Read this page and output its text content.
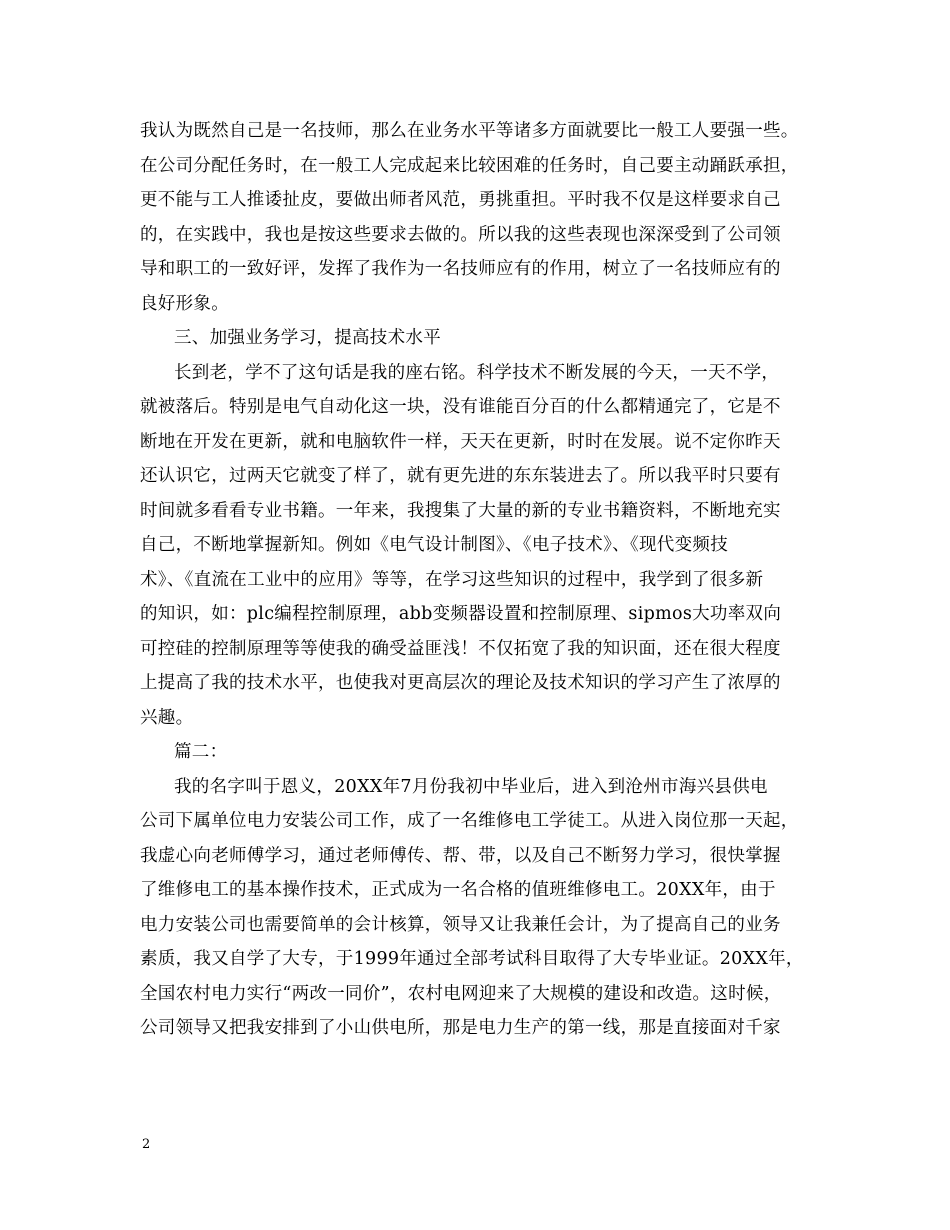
我认为既然自己是一名技师，那么在业务水平等诸多方面就要比一般工人要强一些。
在公司分配任务时，在一般工人完成起来比较困难的任务时，自己要主动踊跃承担，
更不能与工人推诿扯皮，要做出师者风范，勇挑重担。平时我不仅是这样要求自己
的，在实践中，我也是按这些要求去做的。所以我的这些表现也深深受到了公司领
导和职工的一致好评，发挥了我作为一名技师应有的作用，树立了一名技师应有的
良好形象。
三、加强业务学习，提高技术水平
长到老，学不了这句话是我的座右铭。科学技术不断发展的今天，一天不学，
就被落后。特别是电气自动化这一块，没有谁能百分百的什么都精通完了，它是不
断地在开发在更新，就和电脑软件一样，天天在更新，时时在发展。说不定你昨天
还认识它，过两天它就变了样了，就有更先进的东东装进去了。所以我平时只要有
时间就多看看专业书籍。一年来，我搜集了大量的新的专业书籍资料，不断地充实
自己，不断地掌握新知。例如《电气设计制图》、《电子技术》、《现代变频技
术》、《直流在工业中的应用》等等，在学习这些知识的过程中，我学到了很多新
的知识，如：plc编程控制原理，abb变频器设置和控制原理、sipmos大功率双向
可控硅的控制原理等等使我的确受益匪浅！不仅拓宽了我的知识面，还在很大程度
上提高了我的技术水平，也使我对更高层次的理论及技术知识的学习产生了浓厚的
兴趣。
篇二：
我的名字叫于恩义，20XX年7月份我初中毕业后，进入到沧州市海兴县供电
公司下属单位电力安装公司工作，成了一名维修电工学徒工。从进入岗位那一天起，
我虚心向老师傅学习，通过老师傅传、帮、带，以及自己不断努力学习，很快掌握
了维修电工的基本操作技术，正式成为一名合格的值班维修电工。20XX年，由于
电力安装公司也需要简单的会计核算，领导又让我兼任会计，为了提高自己的业务
素质，我又自学了大专，于1999年通过全部考试科目取得了大专毕业证。20XX年，
全国农村电力实行“两改一同价”，农村电网迎来了大规模的建设和改造。这时候，
公司领导又把我安排到了小山供电所，那是电力生产的第一线，那是直接面对千家
2
